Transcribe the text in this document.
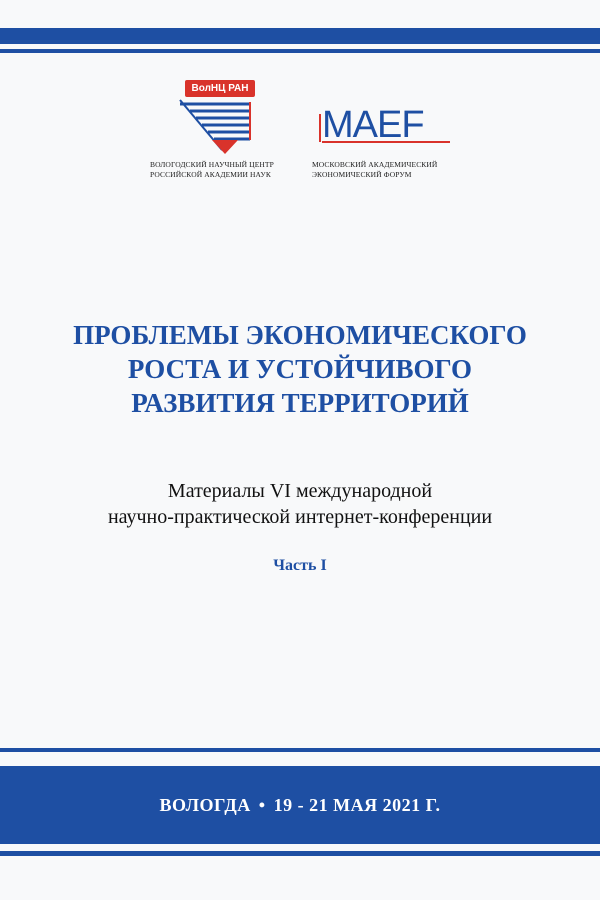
ВолНЦ РАН
ВОЛОГОДСКИЙ НАУЧНЫЙ ЦЕНТР
РОССИЙСКОЙ АКАДЕМИИ НАУК
MAEF
МОСКОВСКИЙ АКАДЕМИЧЕСКИЙ
ЭКОНОМИЧЕСКИЙ ФОРУМ
ПРОБЛЕМЫ ЭКОНОМИЧЕСКОГО
РОСТА И УСТОЙЧИВОГО
РАЗВИТИЯ ТЕРРИТОРИЙ
Материалы VI международной
научно-практической интернет-конференции
Часть I
ВОЛОГДА • 19 - 21 МАЯ 2021 Г.
